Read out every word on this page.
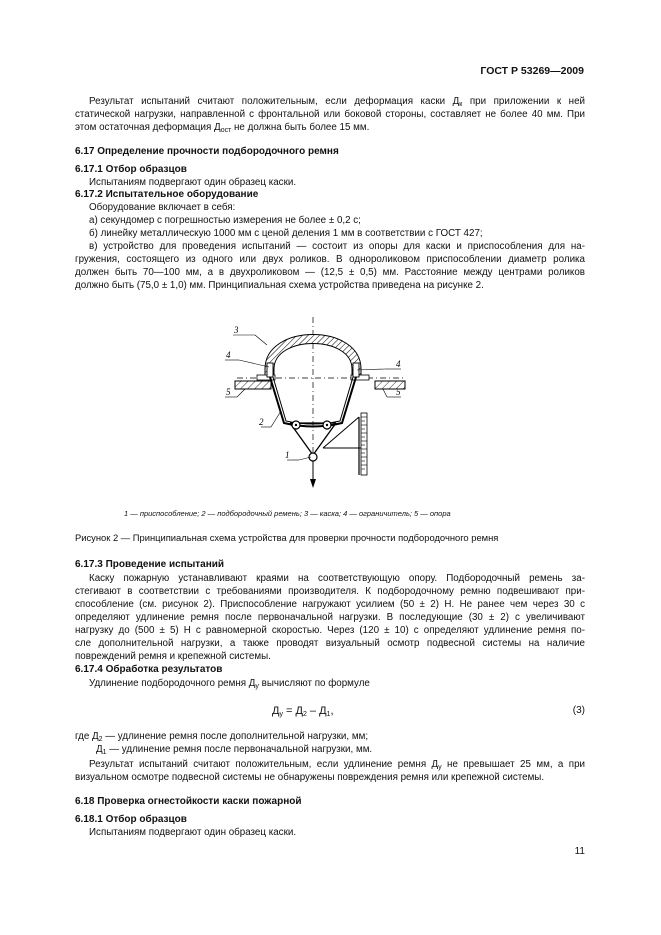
ГОСТ Р 53269—2009

Результат испытаний считают положительным, если деформация каски $Д_к$ при приложении к ней

статической нагрузки, направленной с фронтальной или боковой стороны, составляет не более 40 мм. При

этом остаточная деформация $Д_{ост}$ не должна быть более 15 мм.

6.17 Определение прочности подбородочного ремня
6.17.1 Отбор образцов

Испытаниям подвергают один образец каски.

6.17.2 Испытательное оборудование

Оборудование включает в себя:

а) секундомер с погрешностью измерения не более ± 0,2 с;

б) линейку металлическую 1000 мм с ценой деления 1 мм в соответствии с ГОСТ 427;

в) устройство для проведения испытаний — состоит из опоры для каски и приспособления для на-

гружения, состоящего из одного или двух роликов. В однороликовом приспособлении диаметр ролика

должен быть 70—100 мм, а в двухроликовом — (12,5 ± 0,5) мм. Расстояние между центрами роликов

должно быть (75,0 ± 1,0) мм. Принципиальная схема устройства приведена на рисунке 2.

3
4
4
5	5
2
1
1 — приспособление; 2 — подбородочный ремень; 3 — каска; 4 — ограничитель; 5 — опора
Рисунок 2 — Принципиальная схема устройства для проверки прочности подбородочного ремня
6.17.3 Проведение испытаний

Каску пожарную устанавливают краями на соответствующую опору. Подбородочный ремень за-

стегивают в соответствии с требованиями производителя. К подбородочному ремню подвешивают при-

способление (см. рисунок 2). Приспособление нагружают усилием (50 ± 2) Н. Не ранее чем через 30 с

определяют удлинение ремня после первоначальной нагрузки. В последующие (30 ± 2) с увеличивают

нагрузку до (500 ± 5) Н с равномерной скоростью. Через (120 ± 10) с определяют удлинение ремня по-

сле дополнительной нагрузки, а также проводят визуальный осмотр подвесной системы на наличие

повреждений ремня и крепежной системы.

6.17.4 Обработка результатов

Удлинение подбородочного ремня $Д_у$ вычисляют по формуле

$Д_у = Д_2 - Д_1$,	(3)

где $Д_2$ — удлинение ремня после дополнительной нагрузки, мм;

$Д_1$ — удлинение ремня после первоначальной нагрузки, мм.

Результат испытаний считают положительным, если удлинение ремня $Д_у$ не превышает 25 мм, а при

визуальном осмотре подвесной системы не обнаружены повреждения ремня или крепежной системы.

6.18 Проверка огнестойкости каски пожарной
6.18.1 Отбор образцов

Испытаниям подвергают один образец каски.

11
